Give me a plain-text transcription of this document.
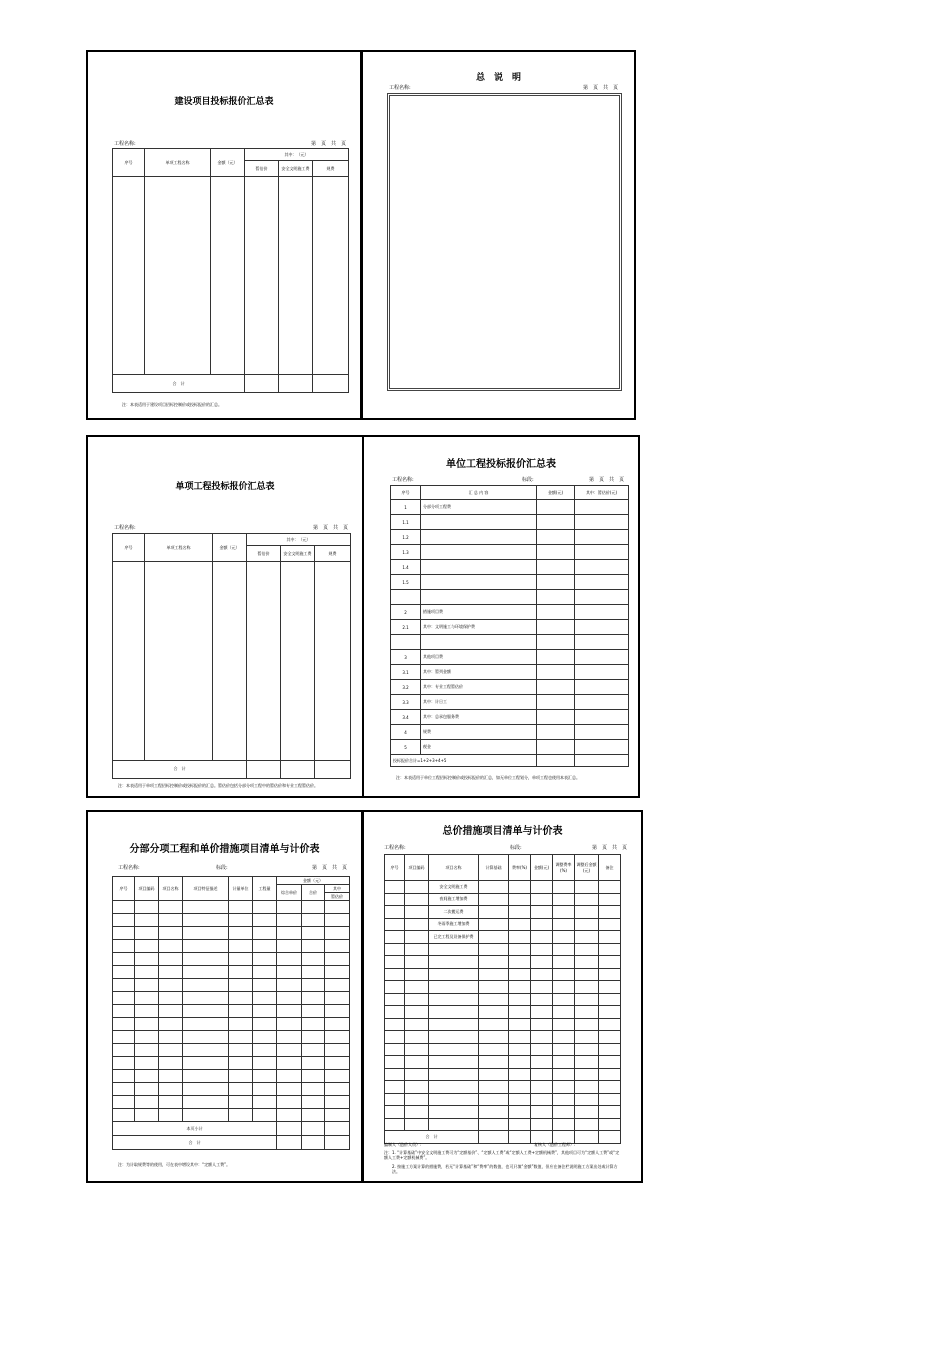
建设项目投标报价汇总表
工程名称:	第　页　共　页
序号	单项工程名称	金额（元）	其中：（元）		
			暂估价	安全文明施工费	规费

合　计					
注：本表适用于建设项目招标控制价或投标报价的汇总。
总　说　明
工程名称:	第　页　共　页
单项工程投标报价汇总表
工程名称:	第　页　共　页
序号	单项工程名称	金额（元）	其中：（元）		
			暂估价	安全文明施工费	规费

合　计					
注：本表适用于单项工程招标控制价或投标报价的汇总。暂估价包括分部分项工程中的暂估价和专业工程暂估价。
单位工程投标报价汇总表
工程名称:	标段:	第　页　共　页
序号	汇 总 内 容	金额(元)	其中：暂估价(元)
1	分部分项工程费		
1.1			
1.2			
1.3			
1.4			
1.5			

2	措施项目费		
2.1	其中：文明施工与环境保护费		

3	其他项目费		
3.1	其中：暂列金额		
3.2	其中：专业工程暂估价		
3.3	其中：计日工		
3.4	其中：总承包服务费		
4	规费		
5	税金		
投标报价合计=1+2+3+4+5			
注：本表适用于单位工程招标控制价或投标报价的汇总，如无单位工程划分，单项工程也使用本表汇总。
分部分项工程和单价措施项目清单与计价表
工程名称:	标段:	第　页　共　页
序号	项目编码	项目名称	项目特征描述	计量单位	工程量	金额（元）		
						综合单价	合价	其中
								暂估价

本页小计								
合　计								
注：为计取规费等的使用，可在表中增设其中：“定额人工费”。
总价措施项目清单与计价表
工程名称:	标段:	第　页　共　页
序号	项目编码	项目名称	计算基础	费率(%)	金额(元)	调整费率(%)	调整后金额(元)	备注
		安全文明施工费						
		夜间施工增加费						
		二次搬运费						
		冬雨季施工增加费						
		已完工程及设备保护费						

合　计								
编制人（造价人员）:	复核人（造价工程师）:
注：1. “计算基础”中安全文明施工费可为“定额基价”、“定额人工费”或“定额人工费+定额机械费”，其他项目可为“定额人工费”或“定额人工费+定额机械费”。
2. 按施工方案计算的措施费，若无“计算基础”和“费率”的数值，也可只填“金额”数值，但应在备注栏说明施工方案出处或计算方法。
